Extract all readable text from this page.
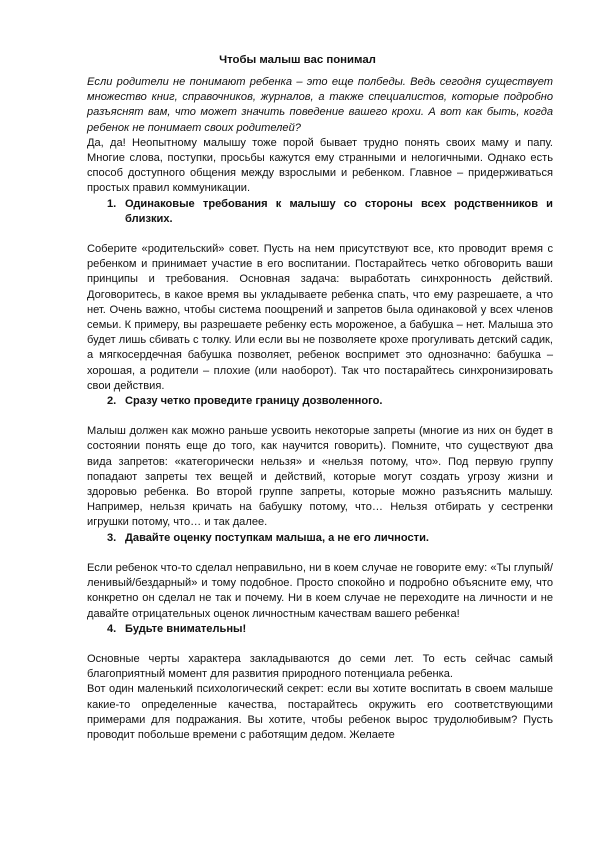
Чтобы малыш вас понимал

Если родители не понимают ребенка – это еще полбеды. Ведь сегодня существует множество книг, справочников, журналов, а также специалистов, которые подробно разъяснят вам, что может значить поведение вашего крохи. А вот как быть, когда ребенок не понимает своих родителей?

Да, да! Неопытному малышу тоже порой бывает трудно понять своих маму и папу. Многие слова, поступки, просьбы кажутся ему странными и нелогичными. Однако есть способ доступного общения между взрослыми и ребенком. Главное – придерживаться простых правил коммуникации.

1. Одинаковые требования к малышу со стороны всех родственников и близких.

Соберите «родительский» совет. Пусть на нем присутствуют все, кто проводит время с ребенком и принимает участие в его воспитании. Постарайтесь четко обговорить ваши принципы и требования. Основная задача: выработать синхронность действий. Договоритесь, в какое время вы укладываете ребенка спать, что ему разрешаете, а что нет. Очень важно, чтобы система поощрений и запретов была одинаковой у всех членов семьи. К примеру, вы разрешаете ребенку есть мороженое, а бабушка – нет. Малыша это будет лишь сбивать с толку. Или если вы не позволяете крохе прогуливать детский садик, а мягкосердечная бабушка позволяет, ребенок воспримет это однозначно: бабушка – хорошая, а родители – плохие (или наоборот). Так что постарайтесь синхронизировать свои действия.

2. Сразу четко проведите границу дозволенного.

Малыш должен как можно раньше усвоить некоторые запреты (многие из них он будет в состоянии понять еще до того, как научится говорить). Помните, что существуют два вида запретов: «категорически нельзя» и «нельзя потому, что». Под первую группу попадают запреты тех вещей и действий, которые могут создать угрозу жизни и здоровью ребенка. Во второй группе запреты, которые можно разъяснить малышу. Например, нельзя кричать на бабушку потому, что… Нельзя отбирать у сестренки игрушки потому, что… и так далее.

3. Давайте оценку поступкам малыша, а не его личности.

Если ребенок что-то сделал неправильно, ни в коем случае не говорите ему: «Ты глупый/ленивый/бездарный» и тому подобное. Просто спокойно и подробно объясните ему, что конкретно он сделал не так и почему. Ни в коем случае не переходите на личности и не давайте отрицательных оценок личностным качествам вашего ребенка!

4. Будьте внимательны!

Основные черты характера закладываются до семи лет. То есть сейчас самый благоприятный момент для развития природного потенциала ребенка.

Вот один маленький психологический секрет: если вы хотите воспитать в своем малыше какие-то определенные качества, постарайтесь окружить его соответствующими примерами для подражания. Вы хотите, чтобы ребенок вырос трудолюбивым? Пусть проводит побольше времени с работящим дедом. Желаете
